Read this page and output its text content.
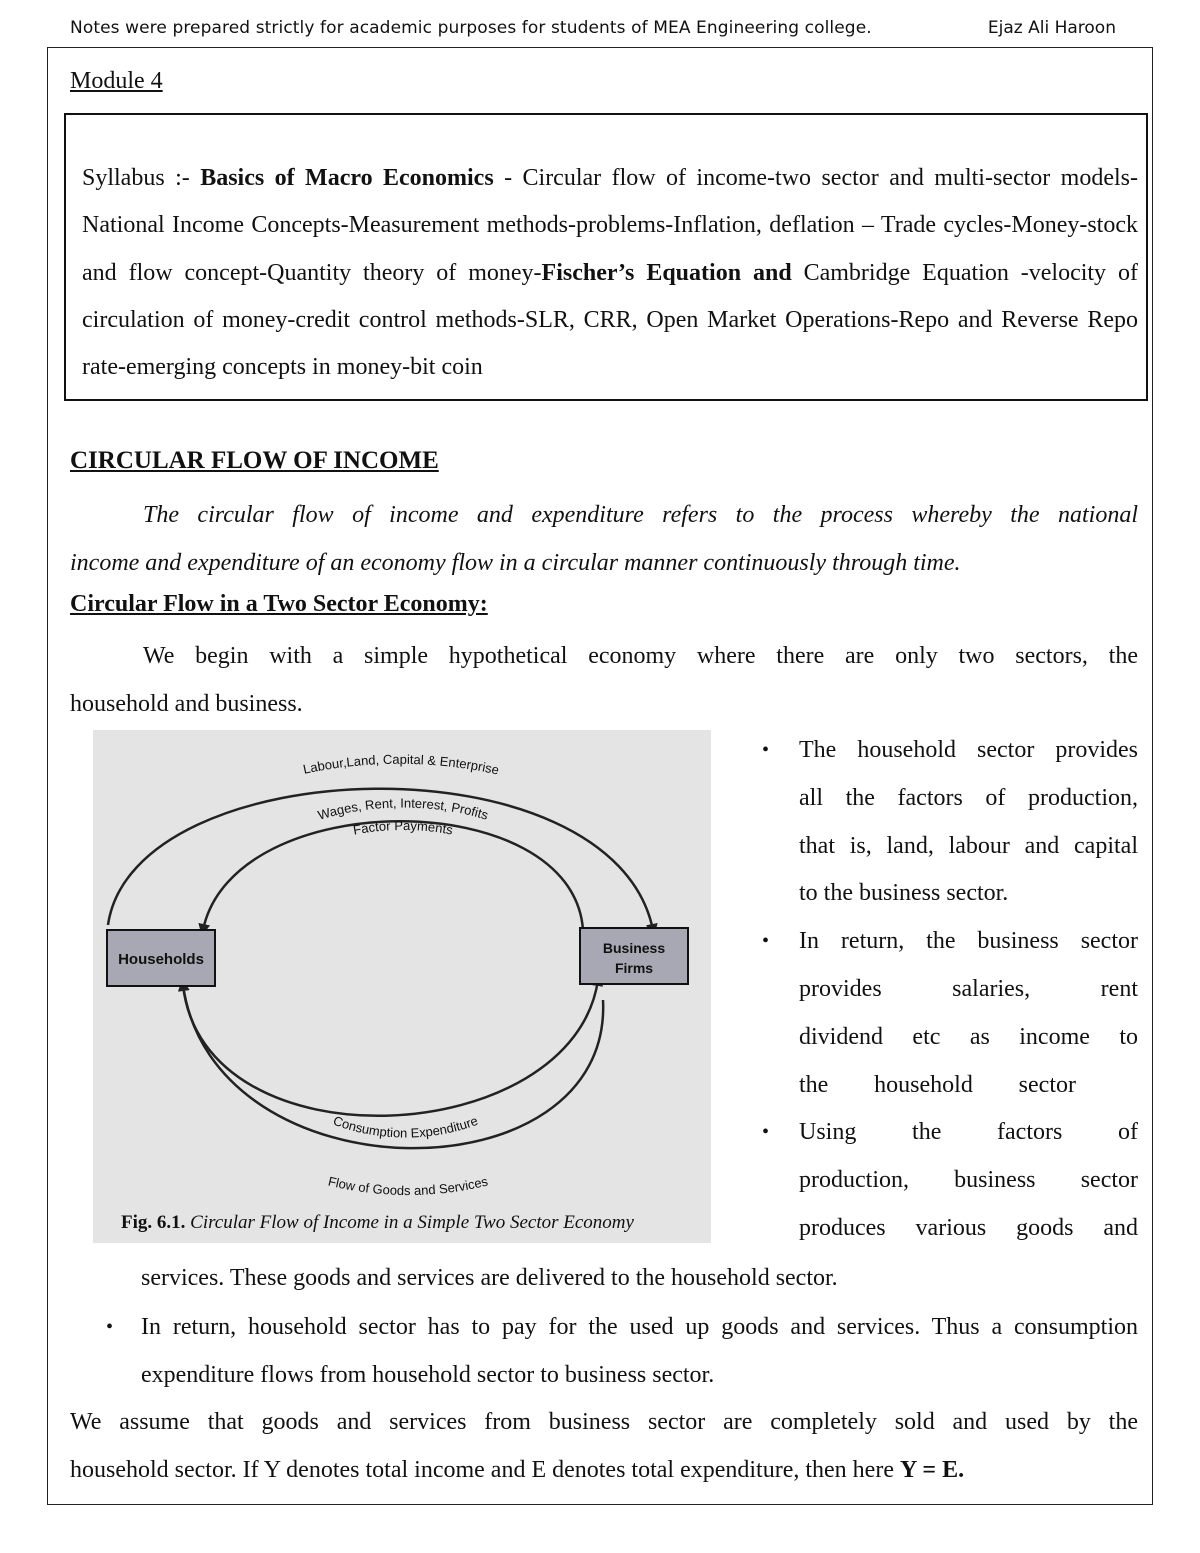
Notes were prepared strictly for academic purposes for students of MEA Engineering college.	Ejaz Ali Haroon
Module 4
Syllabus :- Basics of Macro Economics - Circular flow of income-two sector and multi-sector models- National Income Concepts-Measurement methods-problems-Inflation, deflation – Trade cycles-Money-stock and flow concept-Quantity theory of money-Fischer’s Equation and Cambridge Equation -velocity of circulation of money-credit control methods-SLR, CRR, Open Market Operations-Repo and Reverse Repo rate-emerging concepts in money-bit coin
CIRCULAR FLOW OF INCOME
The circular flow of income and expenditure refers to the process whereby the national
income and expenditure of an economy flow in a circular manner continuously through time.
Circular Flow in a Two Sector Economy:
We begin with a simple hypothetical economy where there are only two sectors, the
household and business.
Households
Business
Firms
Labour,Land, Capital & Enterprise
Wages, Rent, Interest, Profits
Factor Payments
Consumption Expenditure
Flow of Goods and Services
Fig. 6.1. Circular Flow of Income in a Simple Two Sector Economy
• The household sector provides
all the factors of production,
that is, land, labour and capital
to the business sector.
• In return, the business sector
provides salaries, rent
dividend etc as income to
the household sector
• Using the factors of
production, business sector
produces various goods and
services. These goods and services are delivered to the household sector.
• In return, household sector has to pay for the used up goods and services. Thus a consumption expenditure flows from household sector to business sector.
We assume that goods and services from business sector are completely sold and used by the
household sector. If Y denotes total income and E denotes total expenditure, then here Y = E.
